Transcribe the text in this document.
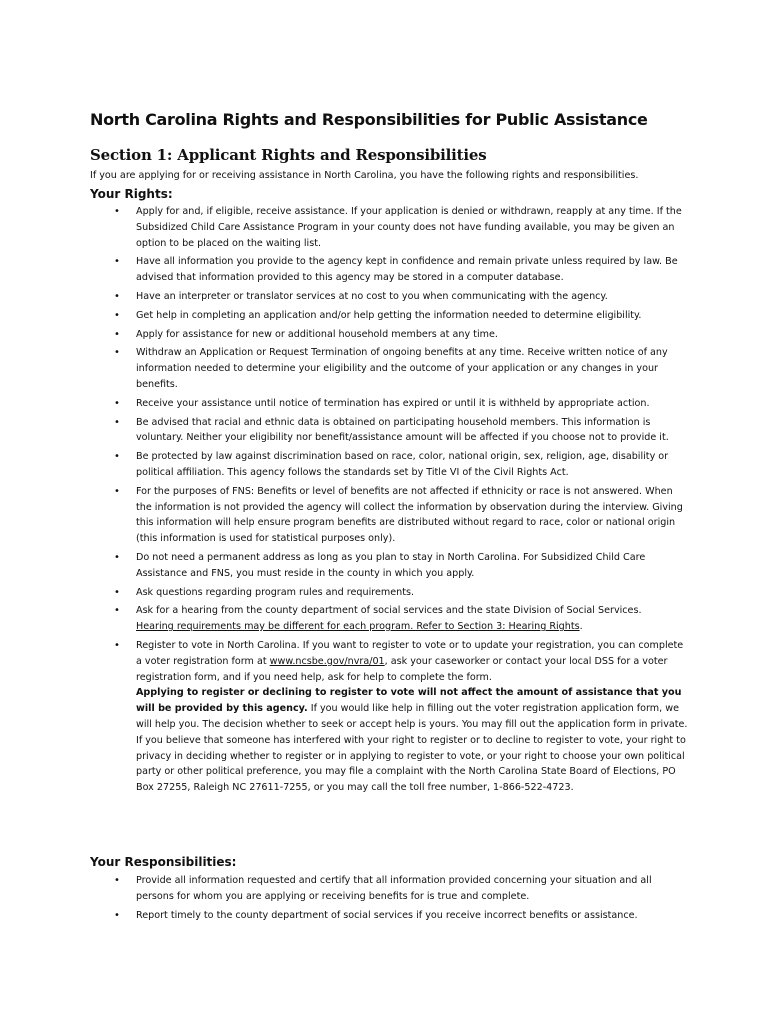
North Carolina Rights and Responsibilities for Public Assistance
Section 1: Applicant Rights and Responsibilities

If you are applying for or receiving assistance in North Carolina, you have the following rights and responsibilities.

Your Rights:
• Apply for and, if eligible, receive assistance. If your application is denied or withdrawn, reapply at any time. If the Subsidized Child Care Assistance Program in your county does not have funding available, you may be given an option to be placed on the waiting list.
• Have all information you provide to the agency kept in confidence and remain private unless required by law. Be advised that information provided to this agency may be stored in a computer database.
• Have an interpreter or translator services at no cost to you when communicating with the agency.
• Get help in completing an application and/or help getting the information needed to determine eligibility.
• Apply for assistance for new or additional household members at any time.
• Withdraw an Application or Request Termination of ongoing benefits at any time. Receive written notice of any information needed to determine your eligibility and the outcome of your application or any changes in your benefits.
• Receive your assistance until notice of termination has expired or until it is withheld by appropriate action.
• Be advised that racial and ethnic data is obtained on participating household members. This information is voluntary. Neither your eligibility nor benefit/assistance amount will be affected if you choose not to provide it.
• Be protected by law against discrimination based on race, color, national origin, sex, religion, age, disability or political affiliation. This agency follows the standards set by Title VI of the Civil Rights Act.
• For the purposes of FNS: Benefits or level of benefits are not affected if ethnicity or race is not answered. When the information is not provided the agency will collect the information by observation during the interview. Giving this information will help ensure program benefits are distributed without regard to race, color or national origin (this information is used for statistical purposes only).
• Do not need a permanent address as long as you plan to stay in North Carolina. For Subsidized Child Care Assistance and FNS, you must reside in the county in which you apply.
• Ask questions regarding program rules and requirements.
• Ask for a hearing from the county department of social services and the state Division of Social Services.
Hearing requirements may be different for each program. Refer to Section 3: Hearing Rights.
• Register to vote in North Carolina. If you want to register to vote or to update your registration, you can complete a voter registration form at www.ncsbe.gov/nvra/01, ask your caseworker or contact your local DSS for a voter registration form, and if you need help, ask for help to complete the form.
Applying to register or declining to register to vote will not affect the amount of assistance that you will be provided by this agency. If you would like help in filling out the voter registration application form, we will help you. The decision whether to seek or accept help is yours. You may fill out the application form in private. If you believe that someone has interfered with your right to register or to decline to register to vote, your right to privacy in deciding whether to register or in applying to register to vote, or your right to choose your own political party or other political preference, you may file a complaint with the North Carolina State Board of Elections, PO Box 27255, Raleigh NC 27611-7255, or you may call the toll free number, 1-866-522-4723.
Your Responsibilities:
• Provide all information requested and certify that all information provided concerning your situation and all persons for whom you are applying or receiving benefits for is true and complete.
• Report timely to the county department of social services if you receive incorrect benefits or assistance.
